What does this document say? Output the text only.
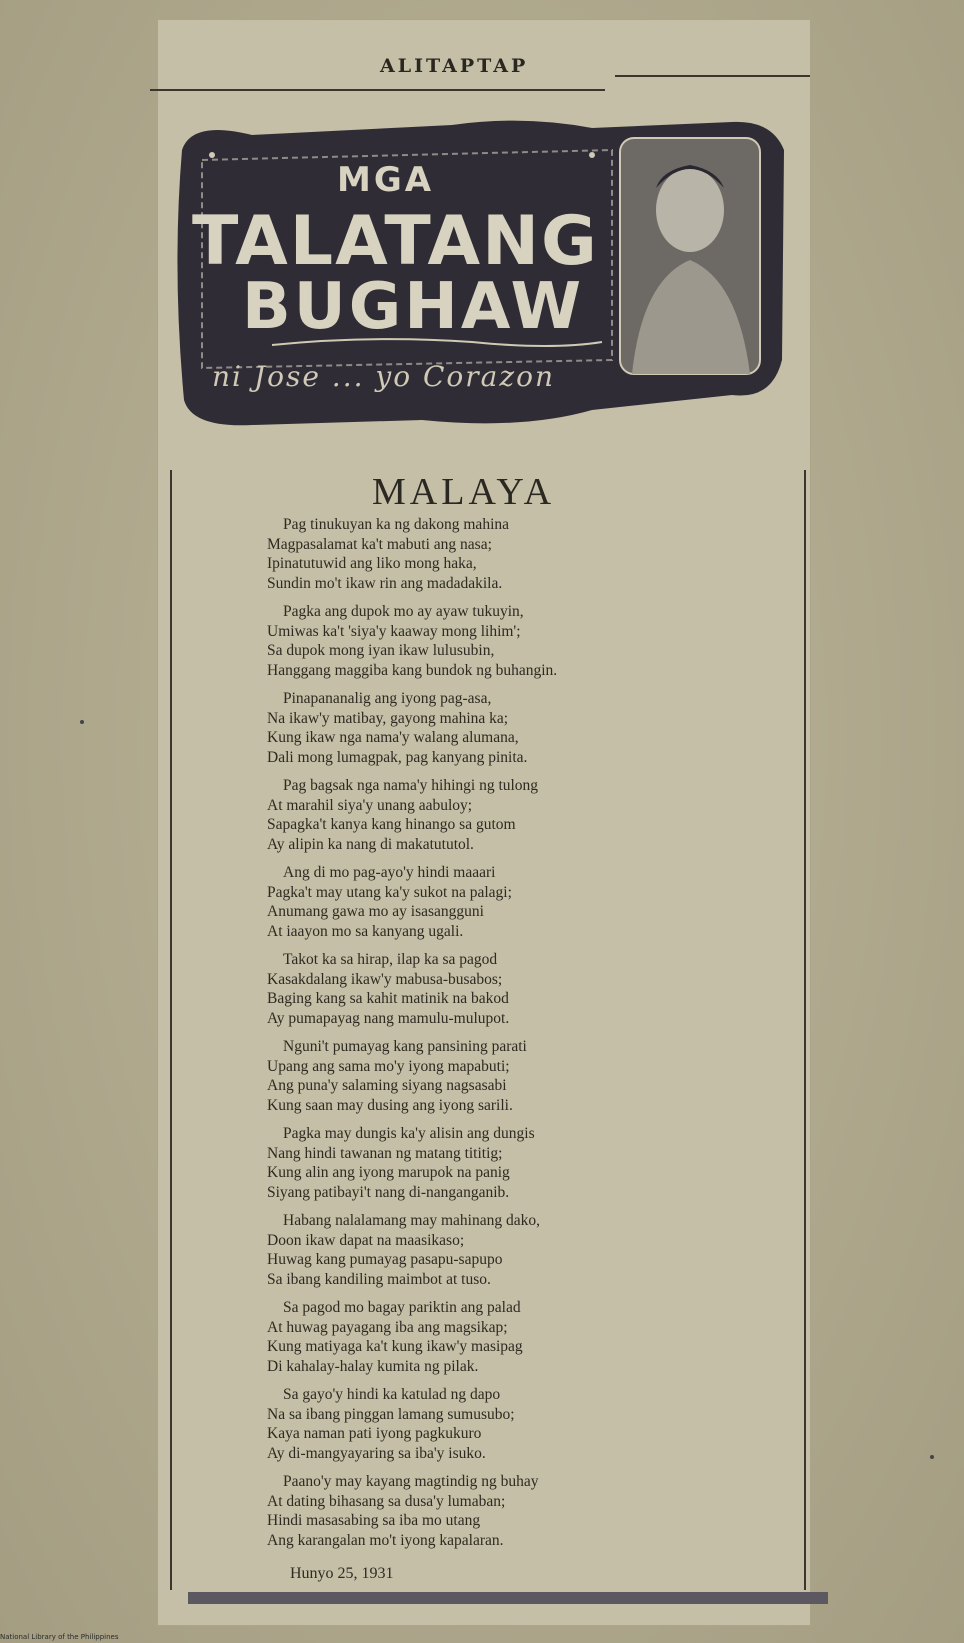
ALITAPTAP
MGA
TALATANG
BUGHAW
ni Jose ... yo Corazon
MALAYA
Pag tinukuyan ka ng dakong mahina
Magpasalamat ka't mabuti ang nasa;
Ipinatutuwid ang liko mong haka,
Sundin mo't ikaw rin ang madadakila.
Pagka ang dupok mo ay ayaw tukuyin,
Umiwas ka't 'siya'y kaaway mong lihim';
Sa dupok mong iyan ikaw lulusubin,
Hanggang maggiba kang bundok ng buhangin.
Pinapananalig ang iyong pag-asa,
Na ikaw'y matibay, gayong mahina ka;
Kung ikaw nga nama'y walang alumana,
Dali mong lumagpak, pag kanyang pinita.
Pag bagsak nga nama'y hihingi ng tulong
At marahil siya'y unang aabuloy;
Sapagka't kanya kang hinango sa gutom
Ay alipin ka nang di makatututol.
Ang di mo pag-ayo'y hindi maaari
Pagka't may utang ka'y sukot na palagi;
Anumang gawa mo ay isasangguni
At iaayon mo sa kanyang ugali.
Takot ka sa hirap, ilap ka sa pagod
Kasakdalang ikaw'y mabusa-busabos;
Baging kang sa kahit matinik na bakod
Ay pumapayag nang mamulu-mulupot.
Nguni't pumayag kang pansining parati
Upang ang sama mo'y iyong mapabuti;
Ang puna'y salaming siyang nagsasabi
Kung saan may dusing ang iyong sarili.
Pagka may dungis ka'y alisin ang dungis
Nang hindi tawanan ng matang tititig;
Kung alin ang iyong marupok na panig
Siyang patibayi't nang di-nanganganib.
Habang nalalamang may mahinang dako,
Doon ikaw dapat na maasikaso;
Huwag kang pumayag pasapu-sapupo
Sa ibang kandiling maimbot at tuso.
Sa pagod mo bagay pariktin ang palad
At huwag payagang iba ang magsikap;
Kung matiyaga ka't kung ikaw'y masipag
Di kahalay-halay kumita ng pilak.
Sa gayo'y hindi ka katulad ng dapo
Na sa ibang pinggan lamang sumusubo;
Kaya naman pati iyong pagkukuro
Ay di-mangyayaring sa iba'y isuko.
Paano'y may kayang magtindig ng buhay
At dating bihasang sa dusa'y lumaban;
Hindi masasabing sa iba mo utang
Ang karangalan mo't iyong kapalaran.
Hunyo 25, 1931
National Library of the Philippines
